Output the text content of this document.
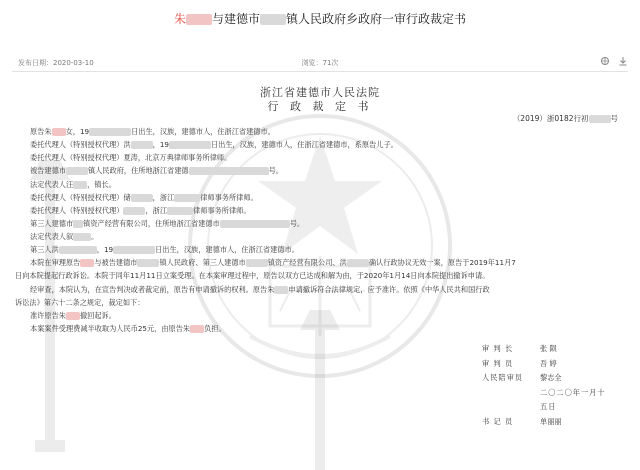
朱 与建德市 镇人民政府乡政府一审行政裁定书
发布日期：2020-03-10	浏览：71次
浙江省建德市人民法院
行 政 裁 定 书
（2019）浙0182行初	号
原告朱 女，19	日出生，汉族，建德市人，住浙江省建德市。
委托代理人（特别授权代理）洪	，19	日出生，汉族，建德市人，住浙江省建德市，系原告儿子。
委托代理人（特别授权代理）夏涛，北京万典律师事务所律师。
被告建德市	镇人民政府，住所地浙江省建德	号。
法定代表人汪 ，镇长。
委托代理人（特别授权代理）储	，浙江	律师事务所律师。
委托代理人（特别授权代理）	，浙江	律师事务所律师。
第三人建德市 镇资产经营有限公司，住所地浙江省建德市	号。
法定代表人叙	。
第三人洪	，19	日出生，汉族，建德市人，住浙江省建德市。
本院在审理原告 与被告建德市	镇人民政府、第三人建德市	镇资产经营有限公司、洪	确认行政协议无效一案，原告于2019年11月7
日向本院提起行政诉讼。本院于同年11月11日立案受理。在本案审理过程中，原告以双方已达成和解为由，于2020年1月14日向本院提出撤诉申请。
经审查，本院认为，在宣告判决或者裁定前，原告有申请撤诉的权利。原告朱 申请撤诉符合法律规定，应予准许。依照《中华人民共和国行政
诉讼法》第六十二条之规定，裁定如下：
准许原告朱 撤回起诉。
本案案件受理费减半收取为人民币25元，由原告朱 负担。
审 判 长	张 陨
审 判 员	吾 婷
人民陪审员	黎志全
二〇二〇年一月十五日
书 记 员	单丽丽
